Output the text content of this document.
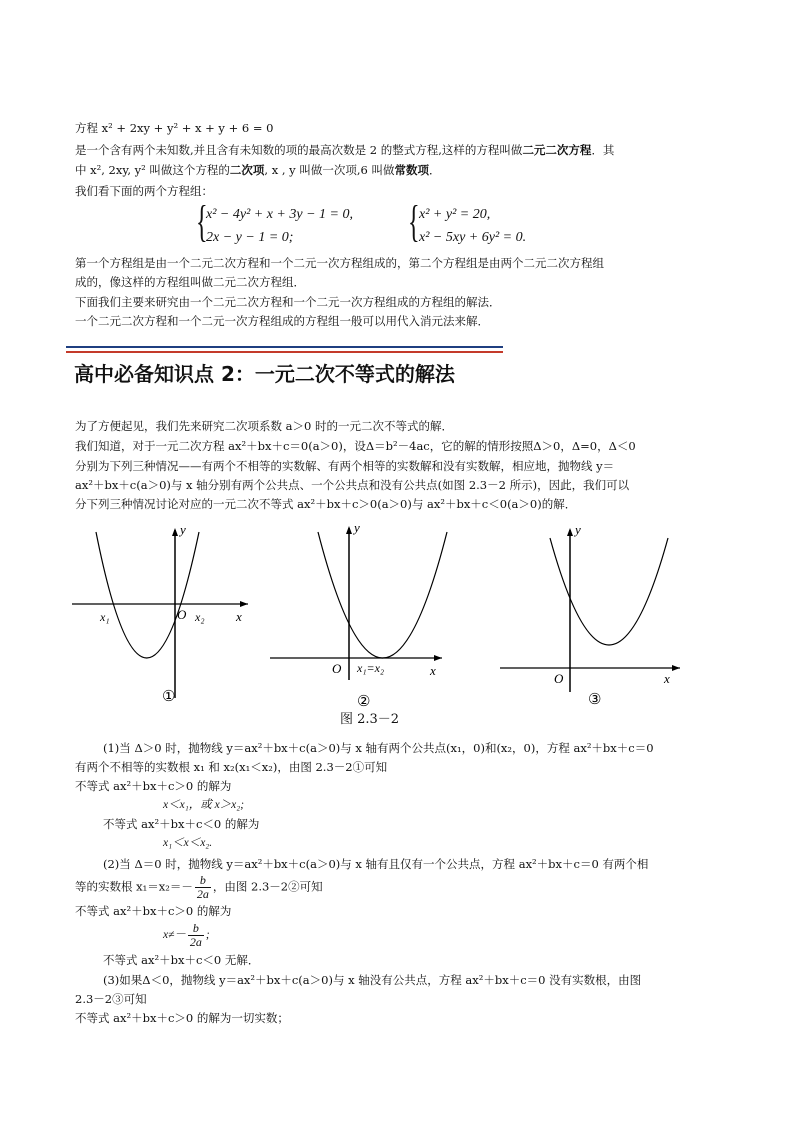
方程 x² + 2xy + y² + x + y + 6 = 0
是一个含有两个未知数,并且含有未知数的项的最高次数是 2 的整式方程,这样的方程叫做二元二次方程．其
中 x², 2xy, y² 叫做这个方程的二次项, x , y 叫做一次项,6 叫做常数项．
我们看下面的两个方程组：
{
x² − 4y² + x + 3y − 1 = 0,
2x − y − 1 = 0;	{ x² + y² = 20,
x² − 5xy + 6y² = 0.
第一个方程组是由一个二元二次方程和一个二元一次方程组成的，第二个方程组是由两个二元二次方程组
成的，像这样的方程组叫做二元二次方程组．
下面我们主要来研究由一个二元二次方程和一个二元一次方程组成的方程组的解法．
一个二元二次方程和一个二元一次方程组成的方程组一般可以用代入消元法来解．
高中必备知识点 2：一元二次不等式的解法
为了方便起见，我们先来研究二次项系数 a＞0 时的一元二次不等式的解．
我们知道，对于一元二次方程 ax²＋bx＋c＝0(a＞0)，设Δ＝b²－4ac，它的解的情形按照Δ＞0，Δ=0，Δ＜0
分别为下列三种情况——有两个不相等的实数解、有两个相等的实数解和没有实数解，相应地，抛物线 y＝
ax²＋bx＋c(a＞0)与 x 轴分别有两个公共点、一个公共点和没有公共点(如图 2.3－2 所示)，因此，我们可以
分下列三种情况讨论对应的一元二次不等式 ax²＋bx＋c＞0(a＞0)与 ax²＋bx＋c＜0(a＞0)的解．
y
x
O
x₁	x₂
①
y
x
O x₁=x₂
②
y
x
O
③
图 2.3－2
(1)当 Δ＞0 时，抛物线 y＝ax²＋bx＋c(a＞0)与 x 轴有两个公共点(x₁，0)和(x₂，0)，方程 ax²＋bx＋c＝0
有两个不相等的实数根 x₁ 和 x₂(x₁＜x₂)，由图 2.3－2①可知
不等式 ax²＋bx＋c＞0 的解为
x＜x₁，或 x＞x₂;
不等式 ax²＋bx＋c＜0 的解为
x₁＜x＜x₂.
(2)当 Δ＝0 时，抛物线 y＝ax²＋bx＋c(a＞0)与 x 轴有且仅有一个公共点，方程 ax²＋bx＋c＝0 有两个相
等的实数根 $x_1=x_2=- \frac{b}{2a}$ ，由图 2.3－2②可知
不等式 ax²＋bx＋c＞0 的解为
$x\ne- \frac{b}{2a}$ ;
不等式 ax²＋bx＋c＜0 无解．
(3)如果Δ＜0，抛物线 y＝ax²＋bx＋c(a＞0)与 x 轴没有公共点，方程 ax²＋bx＋c＝0 没有实数根，由图
2.3－2③可知
不等式 ax²＋bx＋c＞0 的解为一切实数；
